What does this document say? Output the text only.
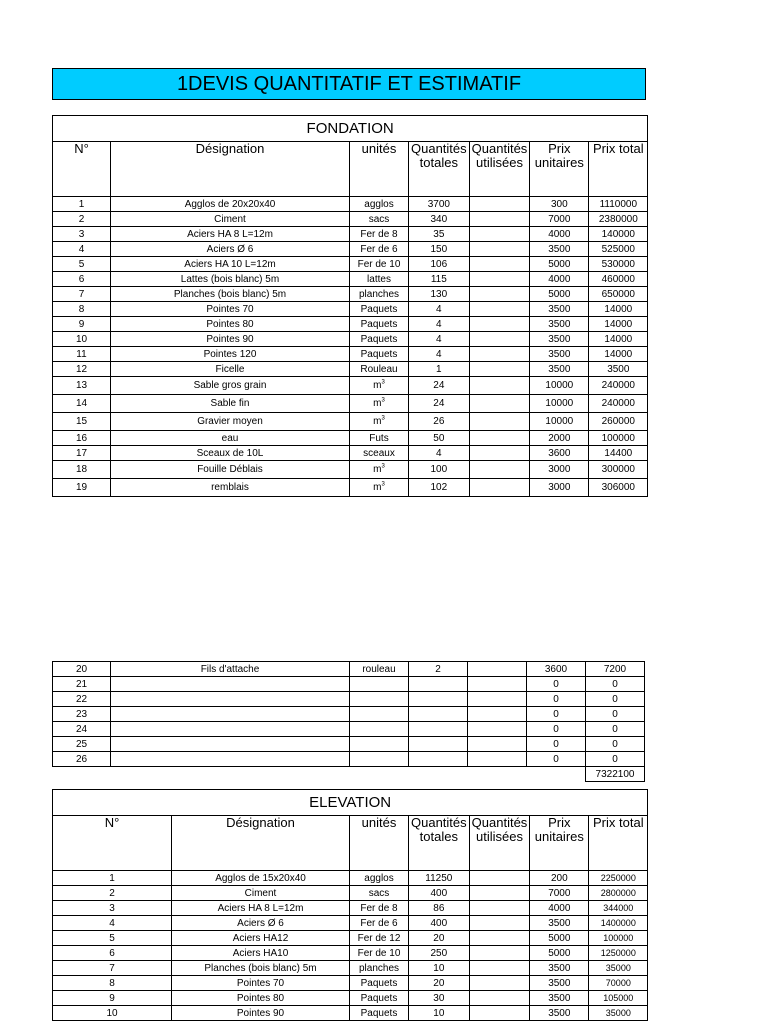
1DEVIS QUANTITATIF ET ESTIMATIF
FONDATION						
N°	Désignation	unités	Quantités totales	Quantités utilisées	Prix unitaires	Prix total
1	Agglos de 20x20x40	agglos	3700		300	1110000
2	Ciment	sacs	340		7000	2380000
3	Aciers HA 8 L=12m	Fer de 8	35		4000	140000
4	Aciers Ø 6	Fer de 6	150		3500	525000
5	Aciers HA 10 L=12m	Fer de 10	106		5000	530000
6	Lattes (bois blanc) 5m	lattes	115		4000	460000
7	Planches (bois blanc) 5m	planches	130		5000	650000
8	Pointes 70	Paquets	4		3500	14000
9	Pointes 80	Paquets	4		3500	14000
10	Pointes 90	Paquets	4		3500	14000
11	Pointes 120	Paquets	4		3500	14000
12	Ficelle	Rouleau	1		3500	3500
13	Sable gros grain	$m^3$	24		10000	240000
14	Sable fin	$m^3$	24		10000	240000
15	Gravier moyen	$m^3$	26		10000	260000
16	eau	Futs	50		2000	100000
17	Sceaux de 10L	sceaux	4		3600	14400
18	Fouille Déblais	$m^3$	100		3000	300000
19	remblais	$m^3$	102		3000	306000
20	Fils d'attache	rouleau	2		3600	7200
21					0	0
22					0	0
23					0	0
24					0	0
25					0	0
26					0	0
						7322100
ELEVATION						
N°	Désignation	unités	Quantités totales	Quantités utilisées	Prix unitaires	Prix total
1	Agglos de 15x20x40	agglos	11250		200	2250000
2	Ciment	sacs	400		7000	2800000
3	Aciers HA 8 L=12m	Fer de 8	86		4000	344000
4	Aciers Ø 6	Fer de 6	400		3500	1400000
5	Aciers HA12	Fer de 12	20		5000	100000
6	Aciers HA10	Fer de 10	250		5000	1250000
7	Planches (bois blanc) 5m	planches	10		3500	35000
8	Pointes 70	Paquets	20		3500	70000
9	Pointes 80	Paquets	30		3500	105000
10	Pointes 90	Paquets	10		3500	35000
